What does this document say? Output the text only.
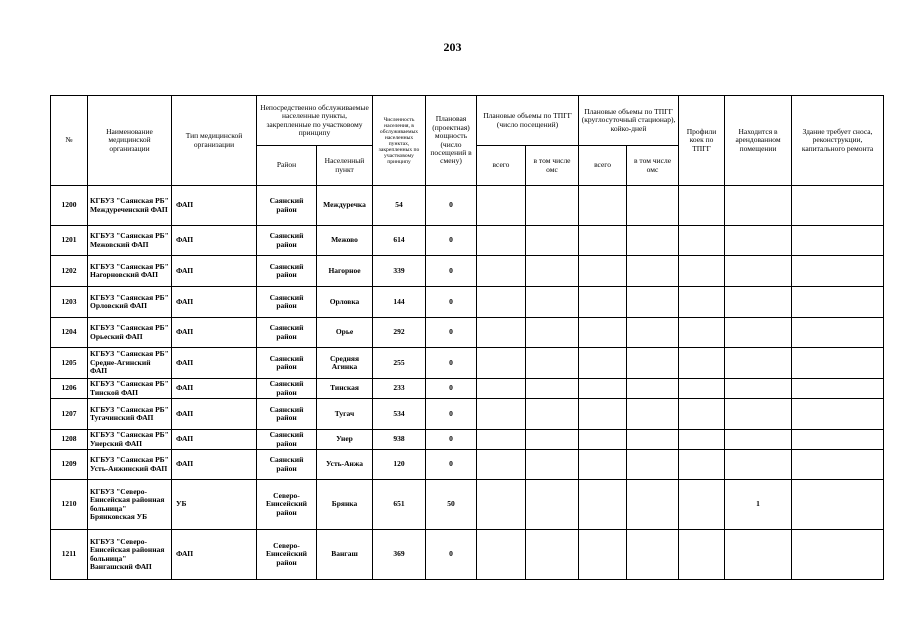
203
№	Наименование медицинской организации	Тип медицинской организации	Непосредственно обслуживаемые населенные пункты, закрепленные по участковому принципу		Численность населения, в обслуживаемых населенных пунктах, закрепленных по участковому принципу	Плановая (проектная) мощность (число посещений в смену)	Плановые объемы по ТПГГ (число посещений)		Плановые объемы по ТПГГ (круглосуточный стационар), койко-дней		Профили коек по ТПГГ	Находится в арендованном помещении	Здание требует сноса, реконструкции, капитального ремонта
			Район	Населенный пункт			всего	в том числе омс	всего	в том числе омс			
1200	КГБУЗ "Саянская РБ" Междуреченский ФАП	ФАП	Саянский район	Междуречка	54	0							
1201	КГБУЗ "Саянская РБ" Межовский ФАП	ФАП	Саянский район	Межово	614	0							
1202	КГБУЗ "Саянская РБ" Нагорновский ФАП	ФАП	Саянский район	Нагорное	339	0							
1203	КГБУЗ "Саянская РБ" Орловский ФАП	ФАП	Саянский район	Орловка	144	0							
1204	КГБУЗ "Саянская РБ" Орьеский ФАП	ФАП	Саянский район	Орье	292	0							
1205	КГБУЗ "Саянская РБ" Средне-Агинский ФАП	ФАП	Саянский район	Средняя Агинка	255	0							
1206	КГБУЗ "Саянская РБ" Тинской ФАП	ФАП	Саянский район	Тинская	233	0							
1207	КГБУЗ "Саянская РБ" Тугачинский ФАП	ФАП	Саянский район	Тугач	534	0							
1208	КГБУЗ "Саянская РБ" Унерский ФАП	ФАП	Саянский район	Унер	938	0							
1209	КГБУЗ "Саянская РБ" Усть-Анжинский ФАП	ФАП	Саянский район	Усть-Анжа	120	0							
1210	КГБУЗ "Северо-Енисейская районная больница" Брянковская УБ	УБ	Северо-Енисейский район	Брянка	651	50						1	
1211	КГБУЗ "Северо-Енисейская районная больница" Вангашский ФАП	ФАП	Северо-Енисейский район	Вангаш	369	0							
